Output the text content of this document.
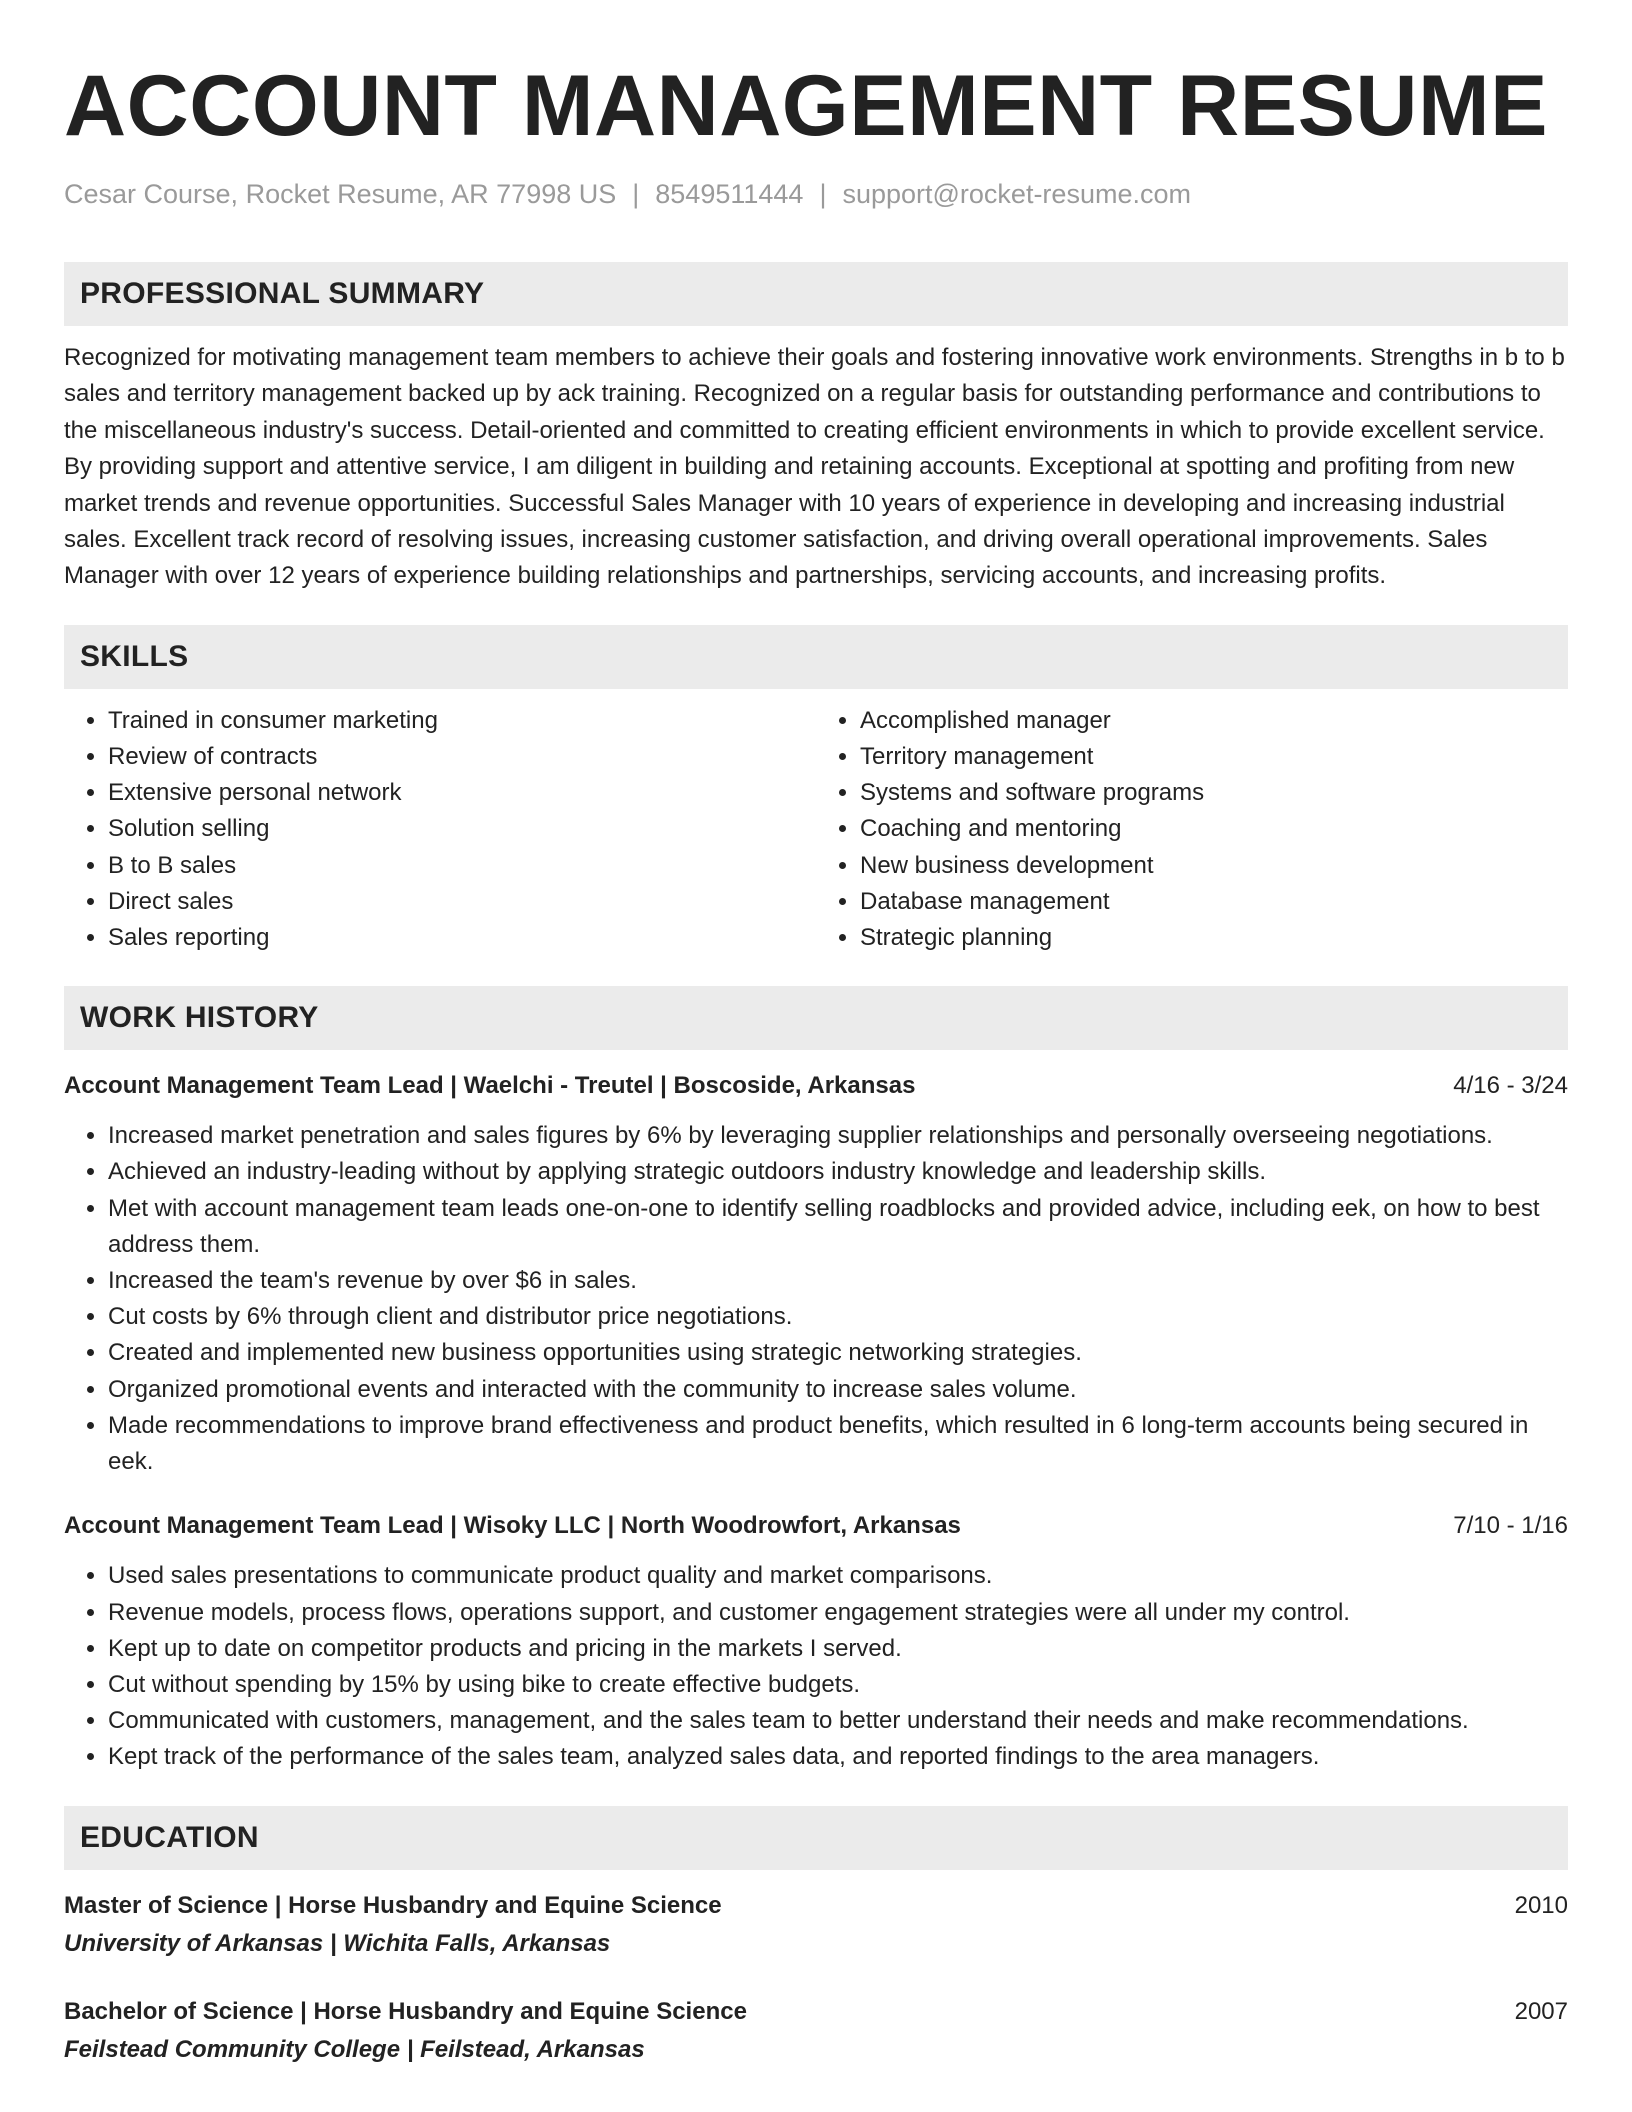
ACCOUNT MANAGEMENT RESUME
Cesar Course, Rocket Resume, AR 77998 US | 8549511444 | support@rocket-resume.com
PROFESSIONAL SUMMARY

Recognized for motivating management team members to achieve their goals and fostering innovative work environments. Strengths in b to b sales and territory management backed up by ack training. Recognized on a regular basis for outstanding performance and contributions to the miscellaneous industry's success. Detail-oriented and committed to creating efficient environments in which to provide excellent service. By providing support and attentive service, I am diligent in building and retaining accounts. Exceptional at spotting and profiting from new market trends and revenue opportunities. Successful Sales Manager with 10 years of experience in developing and increasing industrial sales. Excellent track record of resolving issues, increasing customer satisfaction, and driving overall operational improvements. Sales Manager with over 12 years of experience building relationships and partnerships, servicing accounts, and increasing profits.

SKILLS
• Trained in consumer marketing
• Review of contracts
• Extensive personal network
• Solution selling
• B to B sales
• Direct sales
• Sales reporting
• Accomplished manager
• Territory management
• Systems and software programs
• Coaching and mentoring
• New business development
• Database management
• Strategic planning
WORK HISTORY
Account Management Team Lead | Waelchi - Treutel | Boscoside, Arkansas	4/16 - 3/24
• Increased market penetration and sales figures by 6% by leveraging supplier relationships and personally overseeing negotiations.
• Achieved an industry-leading without by applying strategic outdoors industry knowledge and leadership skills.
• Met with account management team leads one-on-one to identify selling roadblocks and provided advice, including eek, on how to best address them.
• Increased the team's revenue by over $6 in sales.
• Cut costs by 6% through client and distributor price negotiations.
• Created and implemented new business opportunities using strategic networking strategies.
• Organized promotional events and interacted with the community to increase sales volume.
• Made recommendations to improve brand effectiveness and product benefits, which resulted in 6 long-term accounts being secured in eek.
Account Management Team Lead | Wisoky LLC | North Woodrowfort, Arkansas	7/10 - 1/16
• Used sales presentations to communicate product quality and market comparisons.
• Revenue models, process flows, operations support, and customer engagement strategies were all under my control.
• Kept up to date on competitor products and pricing in the markets I served.
• Cut without spending by 15% by using bike to create effective budgets.
• Communicated with customers, management, and the sales team to better understand their needs and make recommendations.
• Kept track of the performance of the sales team, analyzed sales data, and reported findings to the area managers.
EDUCATION
Master of Science | Horse Husbandry and Equine Science	2010
University of Arkansas | Wichita Falls, Arkansas
Bachelor of Science | Horse Husbandry and Equine Science	2007
Feilstead Community College | Feilstead, Arkansas
